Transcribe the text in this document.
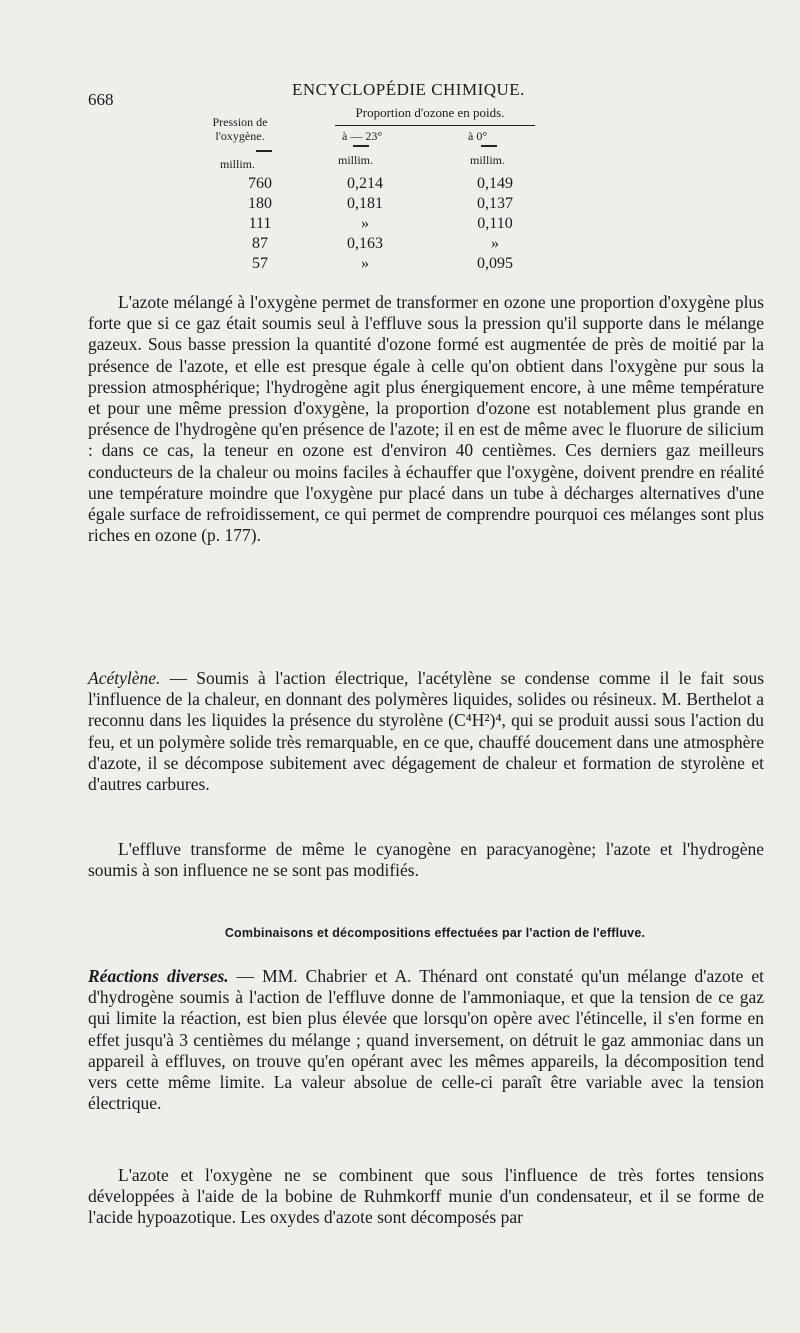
668
ENCYCLOPÉDIE CHIMIQUE.
Pression de l'oxygène.
Proportion d'ozone en poids.
à — 23°	à 0°
millim.	millim.	millim.
760	0,214	0,149
180	0,181	0,137
111	»	0,110
87	0,163	»
57	»	0,095

L'azote mélangé à l'oxygène permet de transformer en ozone une proportion d'oxygène plus forte que si ce gaz était soumis seul à l'effluve sous la pression qu'il supporte dans le mélange gazeux. Sous basse pression la quantité d'ozone formé est augmentée de près de moitié par la présence de l'azote, et elle est presque égale à celle qu'on obtient dans l'oxygène pur sous la pression atmosphérique; l'hydrogène agit plus énergiquement encore, à une même température et pour une même pression d'oxygène, la proportion d'ozone est notablement plus grande en présence de l'hydrogène qu'en présence de l'azote; il en est de même avec le fluorure de silicium : dans ce cas, la teneur en ozone est d'environ 40 centièmes. Ces derniers gaz meilleurs conducteurs de la chaleur ou moins faciles à échauffer que l'oxygène, doivent prendre en réalité une température moindre que l'oxygène pur placé dans un tube à décharges alternatives d'une égale surface de refroidissement, ce qui permet de comprendre pourquoi ces mélanges sont plus riches en ozone (p. 177).

Acétylène. — Soumis à l'action électrique, l'acétylène se condense comme il le fait sous l'influence de la chaleur, en donnant des polymères liquides, solides ou résineux. M. Berthelot a reconnu dans les liquides la présence du styrolène (C⁴H²)⁴, qui se produit aussi sous l'action du feu, et un polymère solide très remarquable, en ce que, chauffé doucement dans une atmosphère d'azote, il se décompose subitement avec dégagement de chaleur et formation de styrolène et d'autres carbures.

L'effluve transforme de même le cyanogène en paracyanogène; l'azote et l'hydrogène soumis à son influence ne se sont pas modifiés.

Combinaisons et décompositions effectuées par l'action de l'effluve.

Réactions diverses. — MM. Chabrier et A. Thénard ont constaté qu'un mélange d'azote et d'hydrogène soumis à l'action de l'effluve donne de l'ammoniaque, et que la tension de ce gaz qui limite la réaction, est bien plus élevée que lorsqu'on opère avec l'étincelle, il s'en forme en effet jusqu'à 3 centièmes du mélange ; quand inversement, on détruit le gaz ammoniac dans un appareil à effluves, on trouve qu'en opérant avec les mêmes appareils, la décomposition tend vers cette même limite. La valeur absolue de celle-ci paraît être variable avec la tension électrique.

L'azote et l'oxygène ne se combinent que sous l'influence de très fortes tensions développées à l'aide de la bobine de Ruhmkorff munie d'un condensateur, et il se forme de l'acide hypoazotique. Les oxydes d'azote sont décomposés par
